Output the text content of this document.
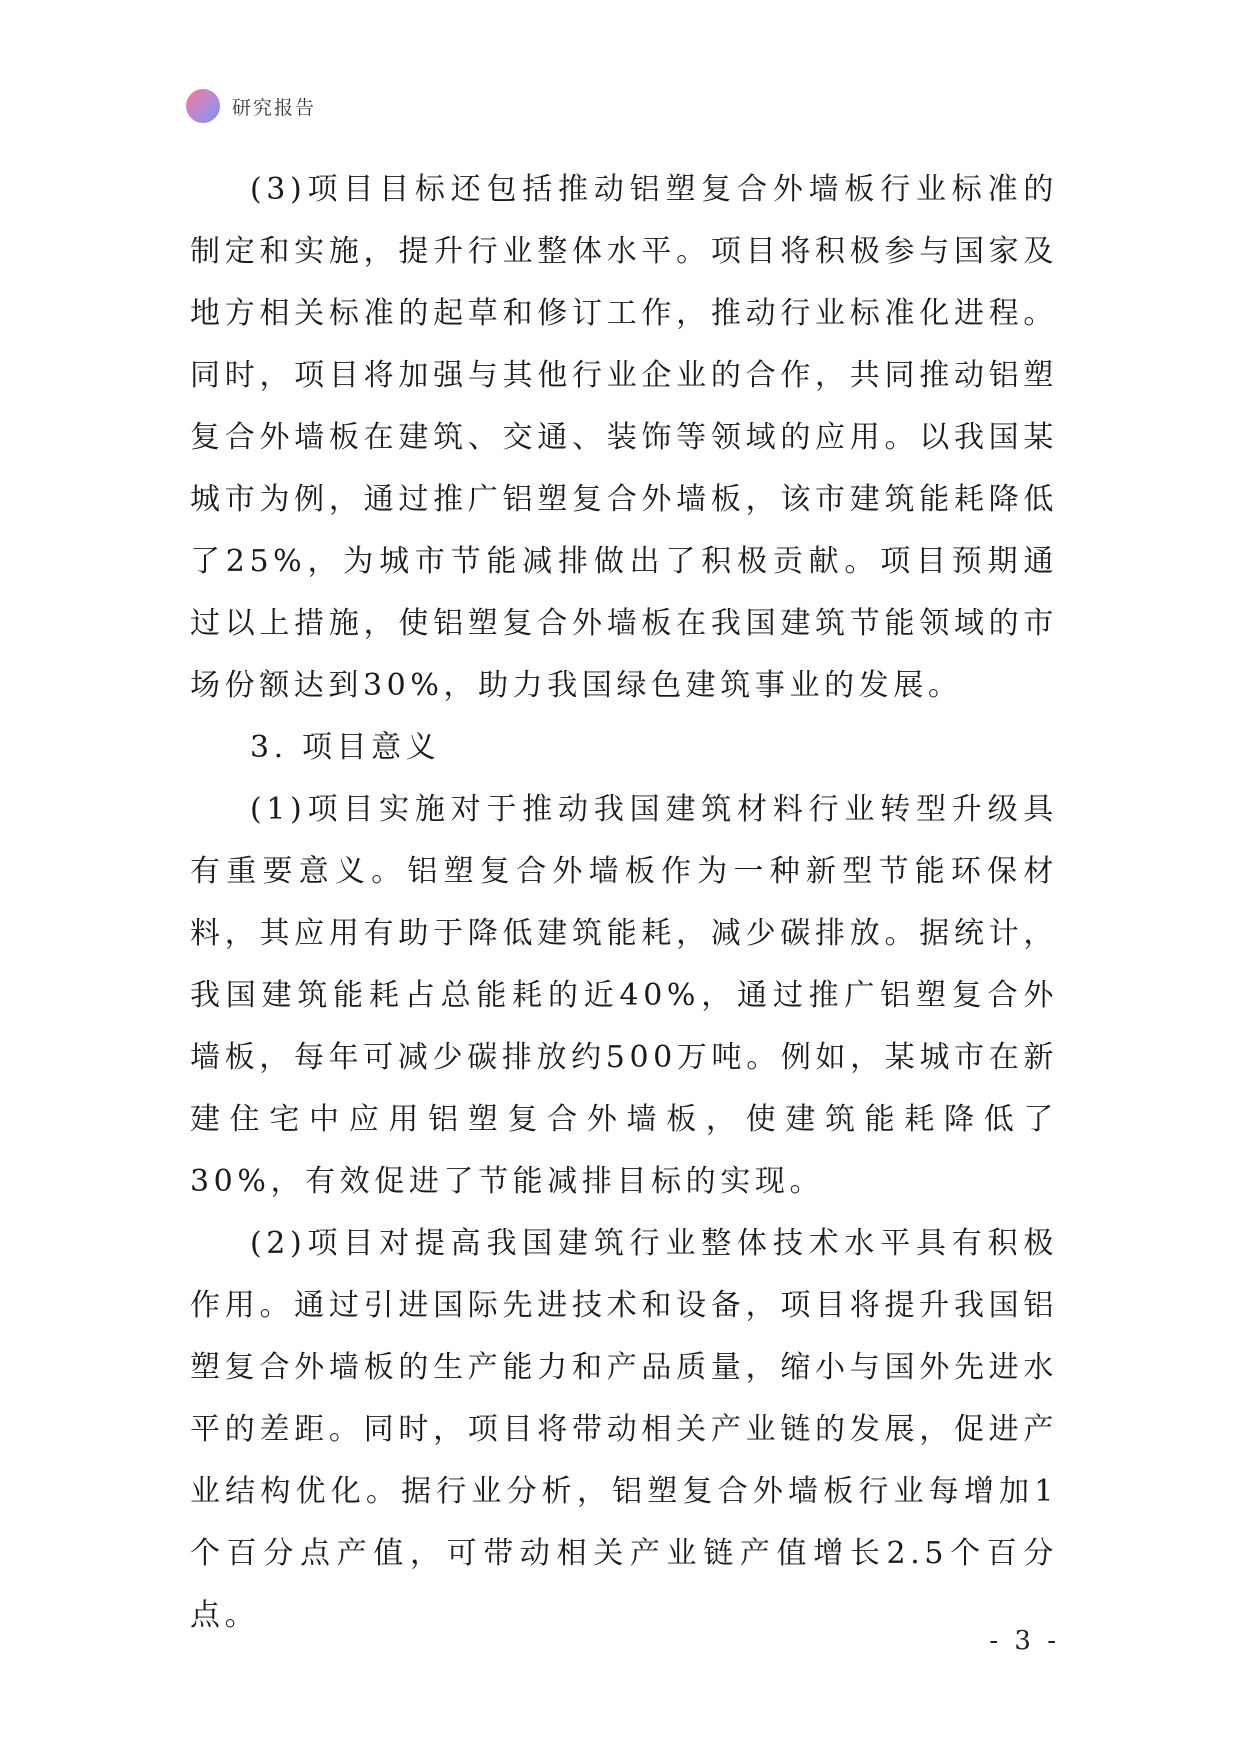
研究报告

(3)项目目标还包括推动铝塑复合外墙板行业标准的制定和实施，提升行业整体水平。项目将积极参与国家及地方相关标准的起草和修订工作，推动行业标准化进程。同时，项目将加强与其他行业企业的合作，共同推动铝塑复合外墙板在建筑、交通、装饰等领域的应用。以我国某城市为例，通过推广铝塑复合外墙板，该市建筑能耗降低了25%，为城市节能减排做出了积极贡献。项目预期通过以上措施，使铝塑复合外墙板在我国建筑节能领域的市场份额达到30%，助力我国绿色建筑事业的发展。

3. 项目意义

(1)项目实施对于推动我国建筑材料行业转型升级具有重要意义。铝塑复合外墙板作为一种新型节能环保材料，其应用有助于降低建筑能耗，减少碳排放。据统计，我国建筑能耗占总能耗的近40%，通过推广铝塑复合外墙板，每年可减少碳排放约500万吨。例如，某城市在新建住宅中应用铝塑复合外墙板，使建筑能耗降低了30%，有效促进了节能减排目标的实现。

(2)项目对提高我国建筑行业整体技术水平具有积极作用。通过引进国际先进技术和设备，项目将提升我国铝塑复合外墙板的生产能力和产品质量，缩小与国外先进水平的差距。同时，项目将带动相关产业链的发展，促进产业结构优化。据行业分析，铝塑复合外墙板行业每增加1个百分点产值，可带动相关产业链产值增长2.5个百分点。

- 3 -
